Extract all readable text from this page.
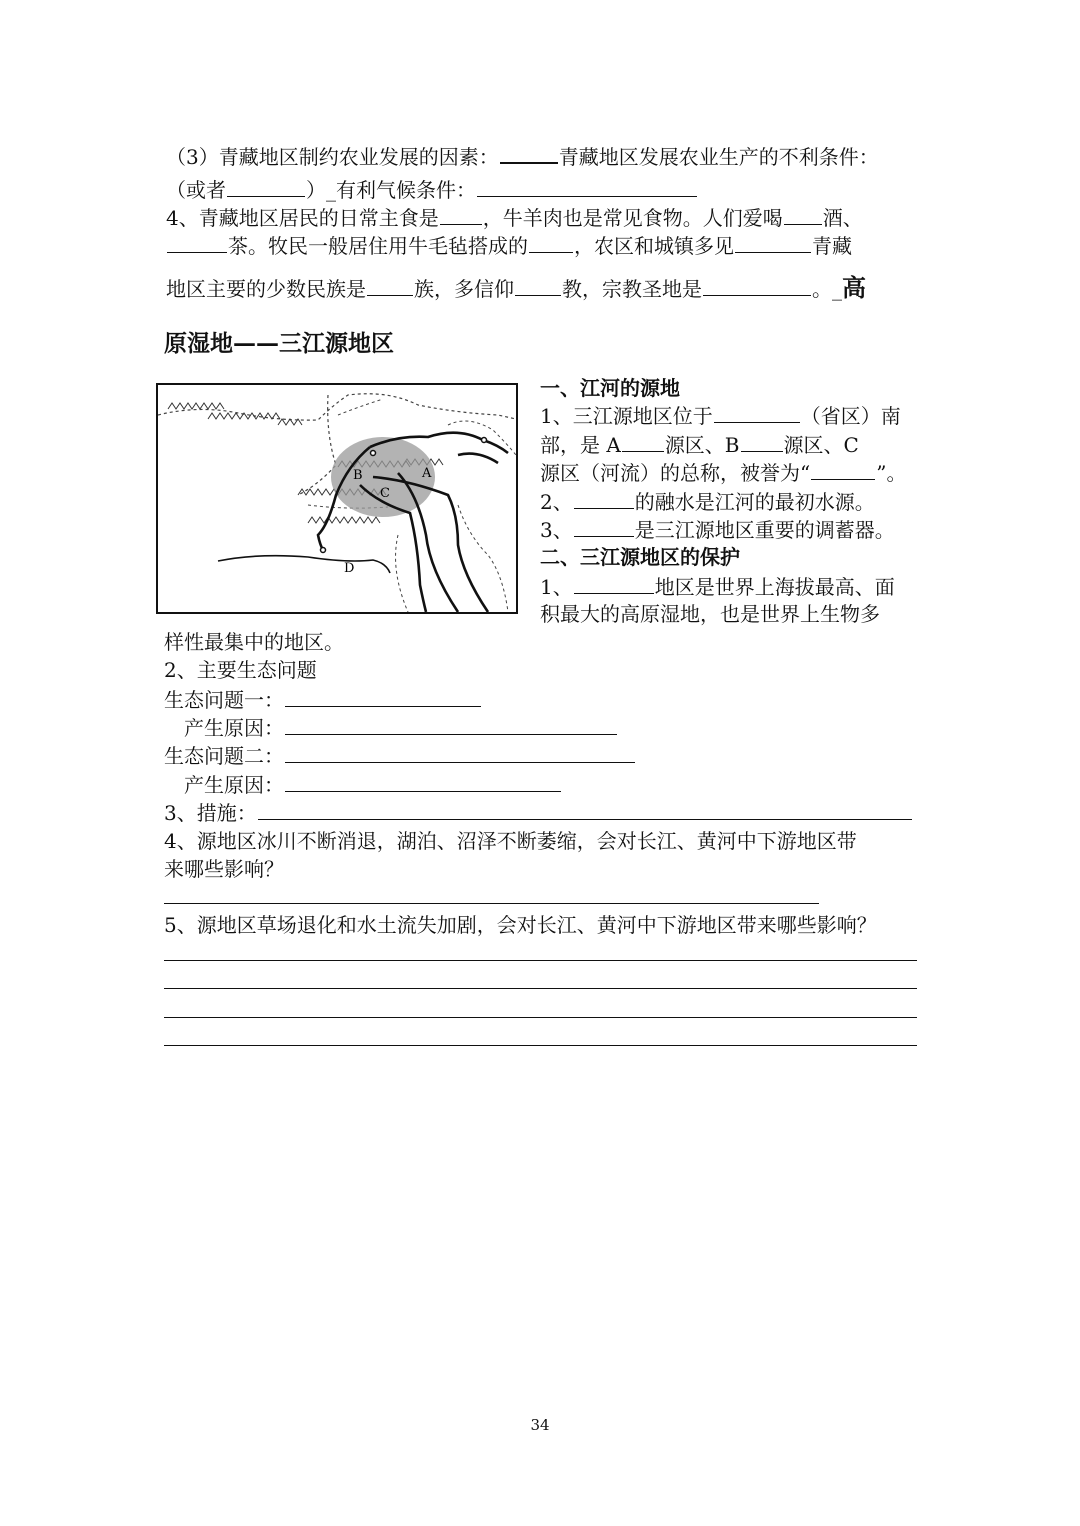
（3）青藏地区制约农业发展的因素：	青藏地区发展农业生产的不利条件：
（或者	）_有利气候条件：
4、青藏地区居民的日常主食是 ，牛羊肉也是常见食物。人们爱喝 酒、
茶。牧民一般居住用牛毛毡搭成的 ，农区和城镇多见	青藏
地区主要的少数民族是 族，多信仰 教，宗教圣地是	。_高
原湿地——三江源地区
A
B
C
D
一、江河的源地
1、三江源地区位于	（省区）南
部，是 A 源区、B 源区、C
源区（河流）的总称，被誉为“	”。
2、	的融水是江河的最初水源。
3、	是三江源地区重要的调蓄器。
二、三江源地区的保护
1、	地区是世界上海拔最高、面
积最大的高原湿地，也是世界上生物多
样性最集中的地区。
2、主要生态问题
生态问题一：
产生原因：
生态问题二：
产生原因：
3、措施：
4、源地区冰川不断消退，湖泊、沼泽不断萎缩，会对长江、黄河中下游地区带
来哪些影响？
5、源地区草场退化和水土流失加剧，会对长江、黄河中下游地区带来哪些影响？
34
